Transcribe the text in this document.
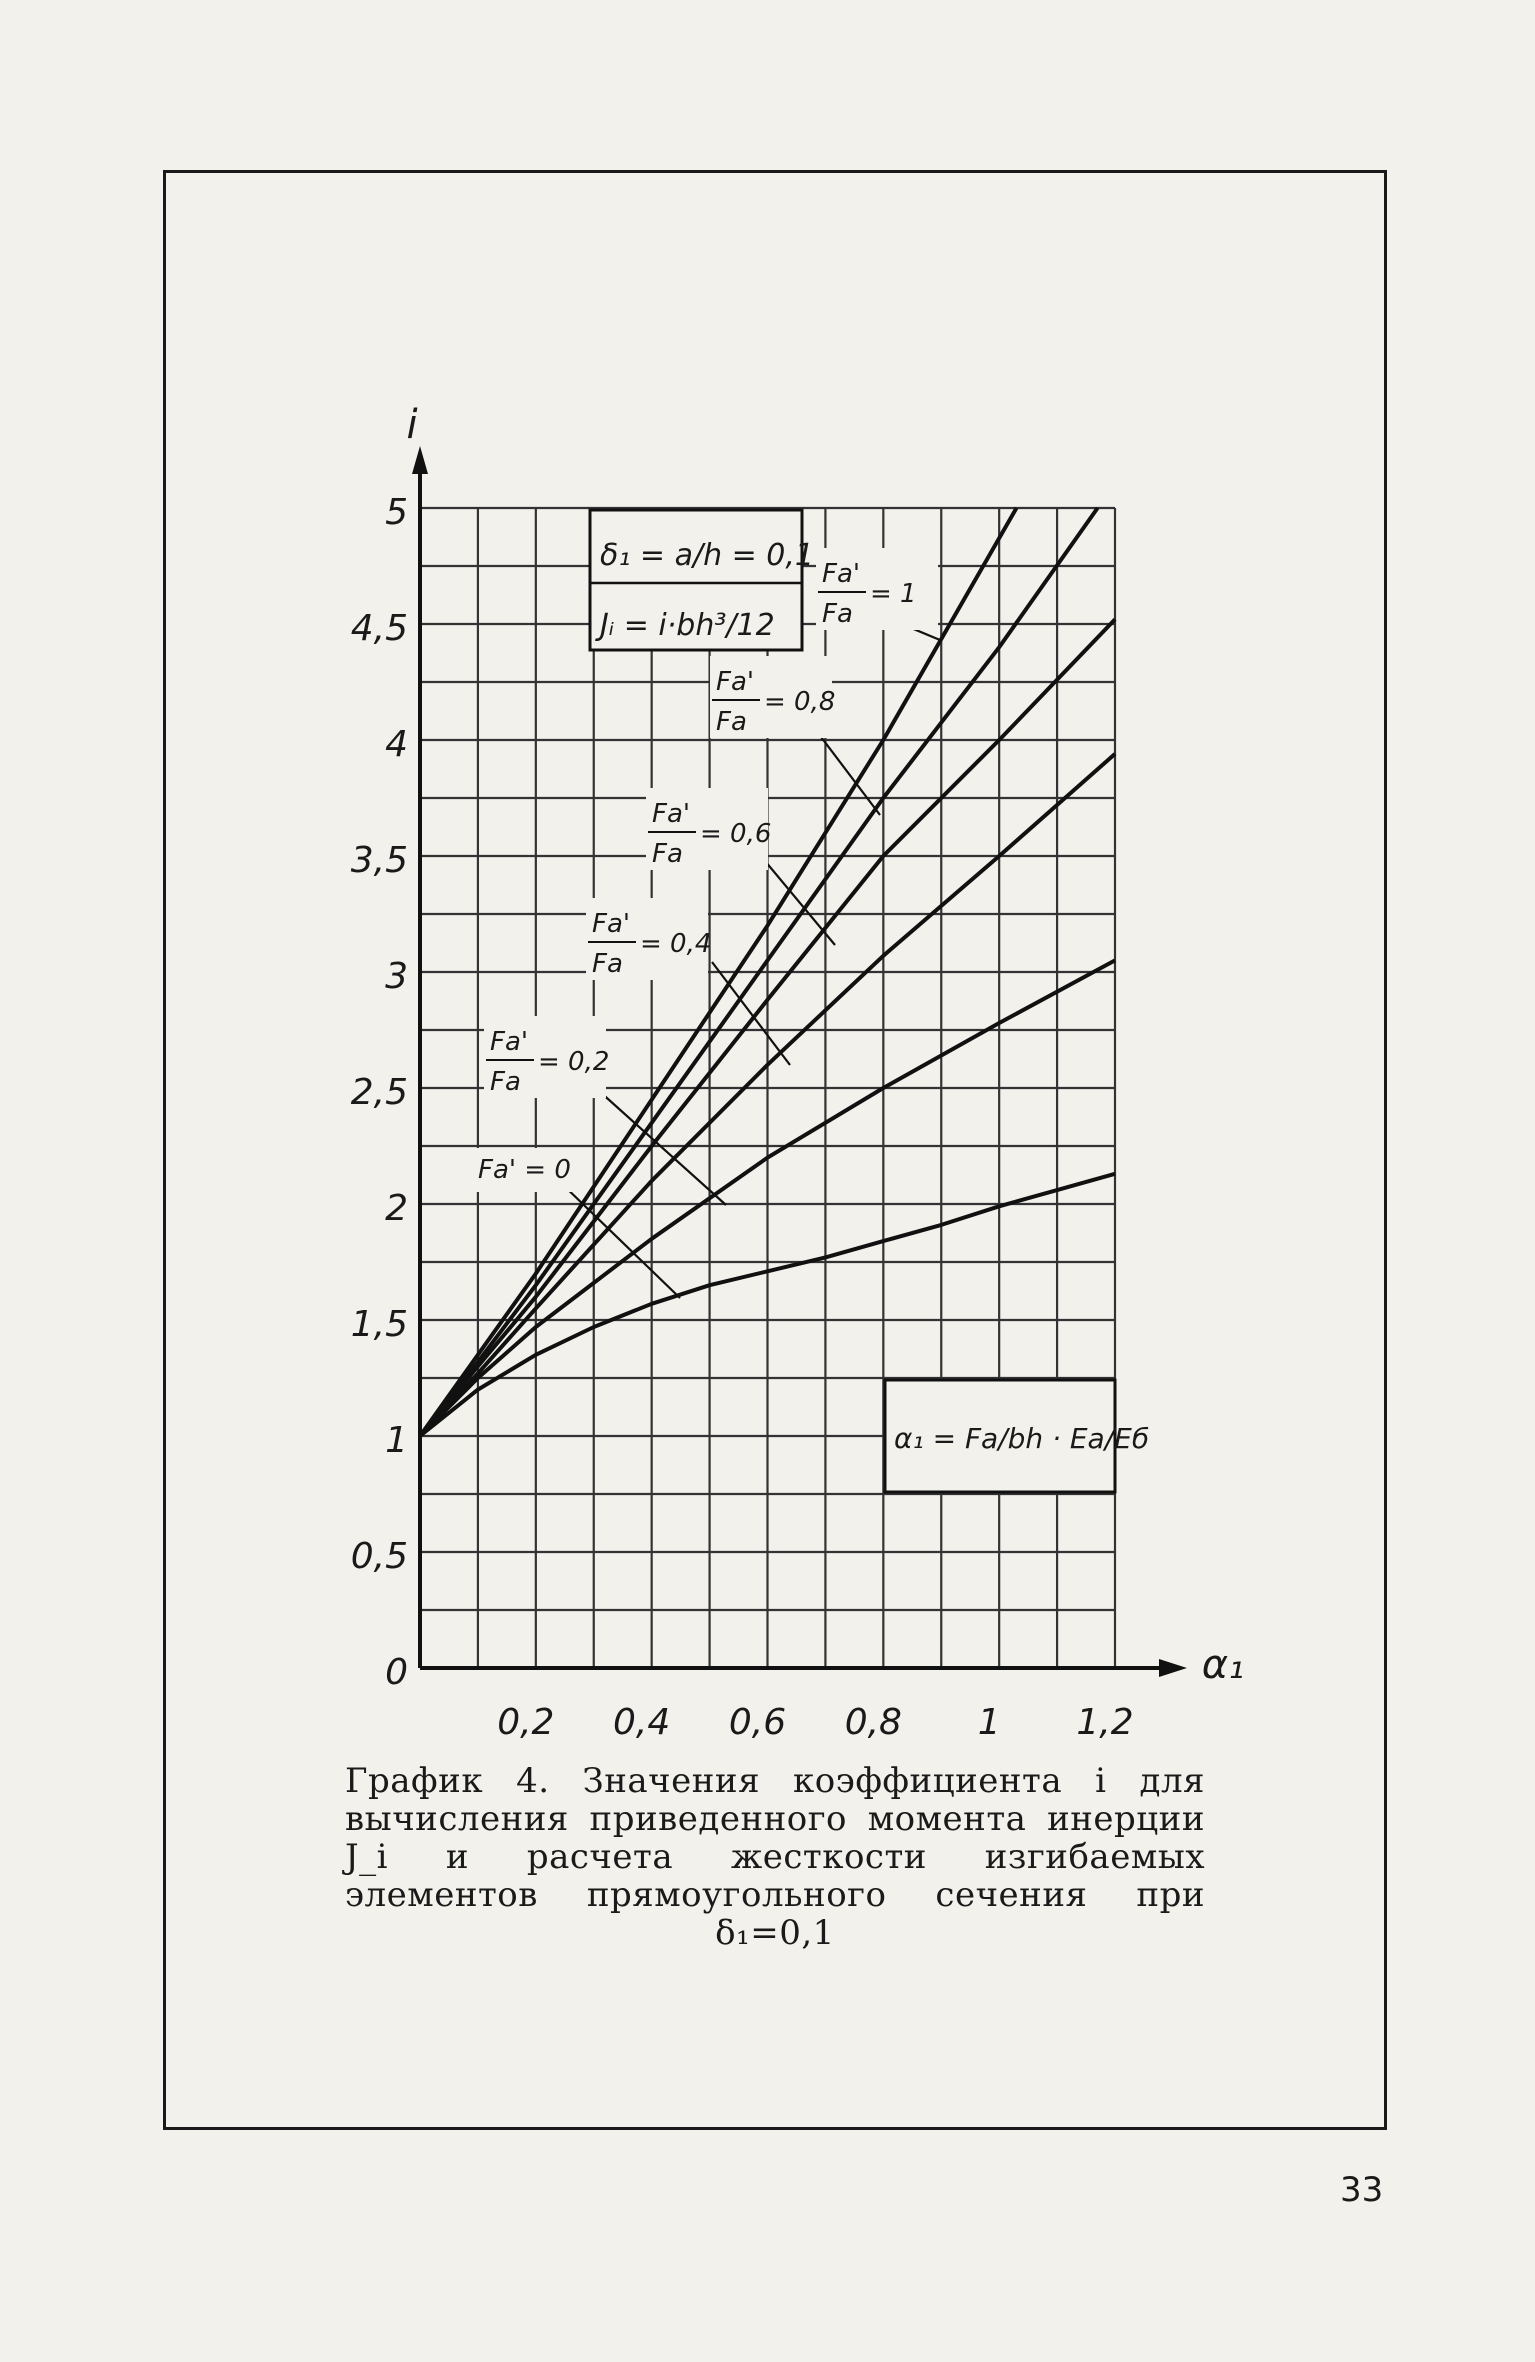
i
α₁
Fa'
Fa
= 1
Fa'
Fa
= 0,8
Fa'
Fa
= 0,6
Fa'
Fa
= 0,4
Fa'
Fa
= 0,2
Fa' = 0
δ₁ = a/h = 0,1
Jᵢ = i·bh³/12
α₁ = Fa/bh · Ea/Eб
0,2 0,4 0,6 0,8 1 1,2
0
0,5
1
1,5
2
2,5
3
3,5
4
4,5
5
График 4. Значения коэффициента i для вычисления приведенного момента инерции J_i и расчета жесткости изгибаемых элементов прямоугольного сечения при δ₁=0,1
33
